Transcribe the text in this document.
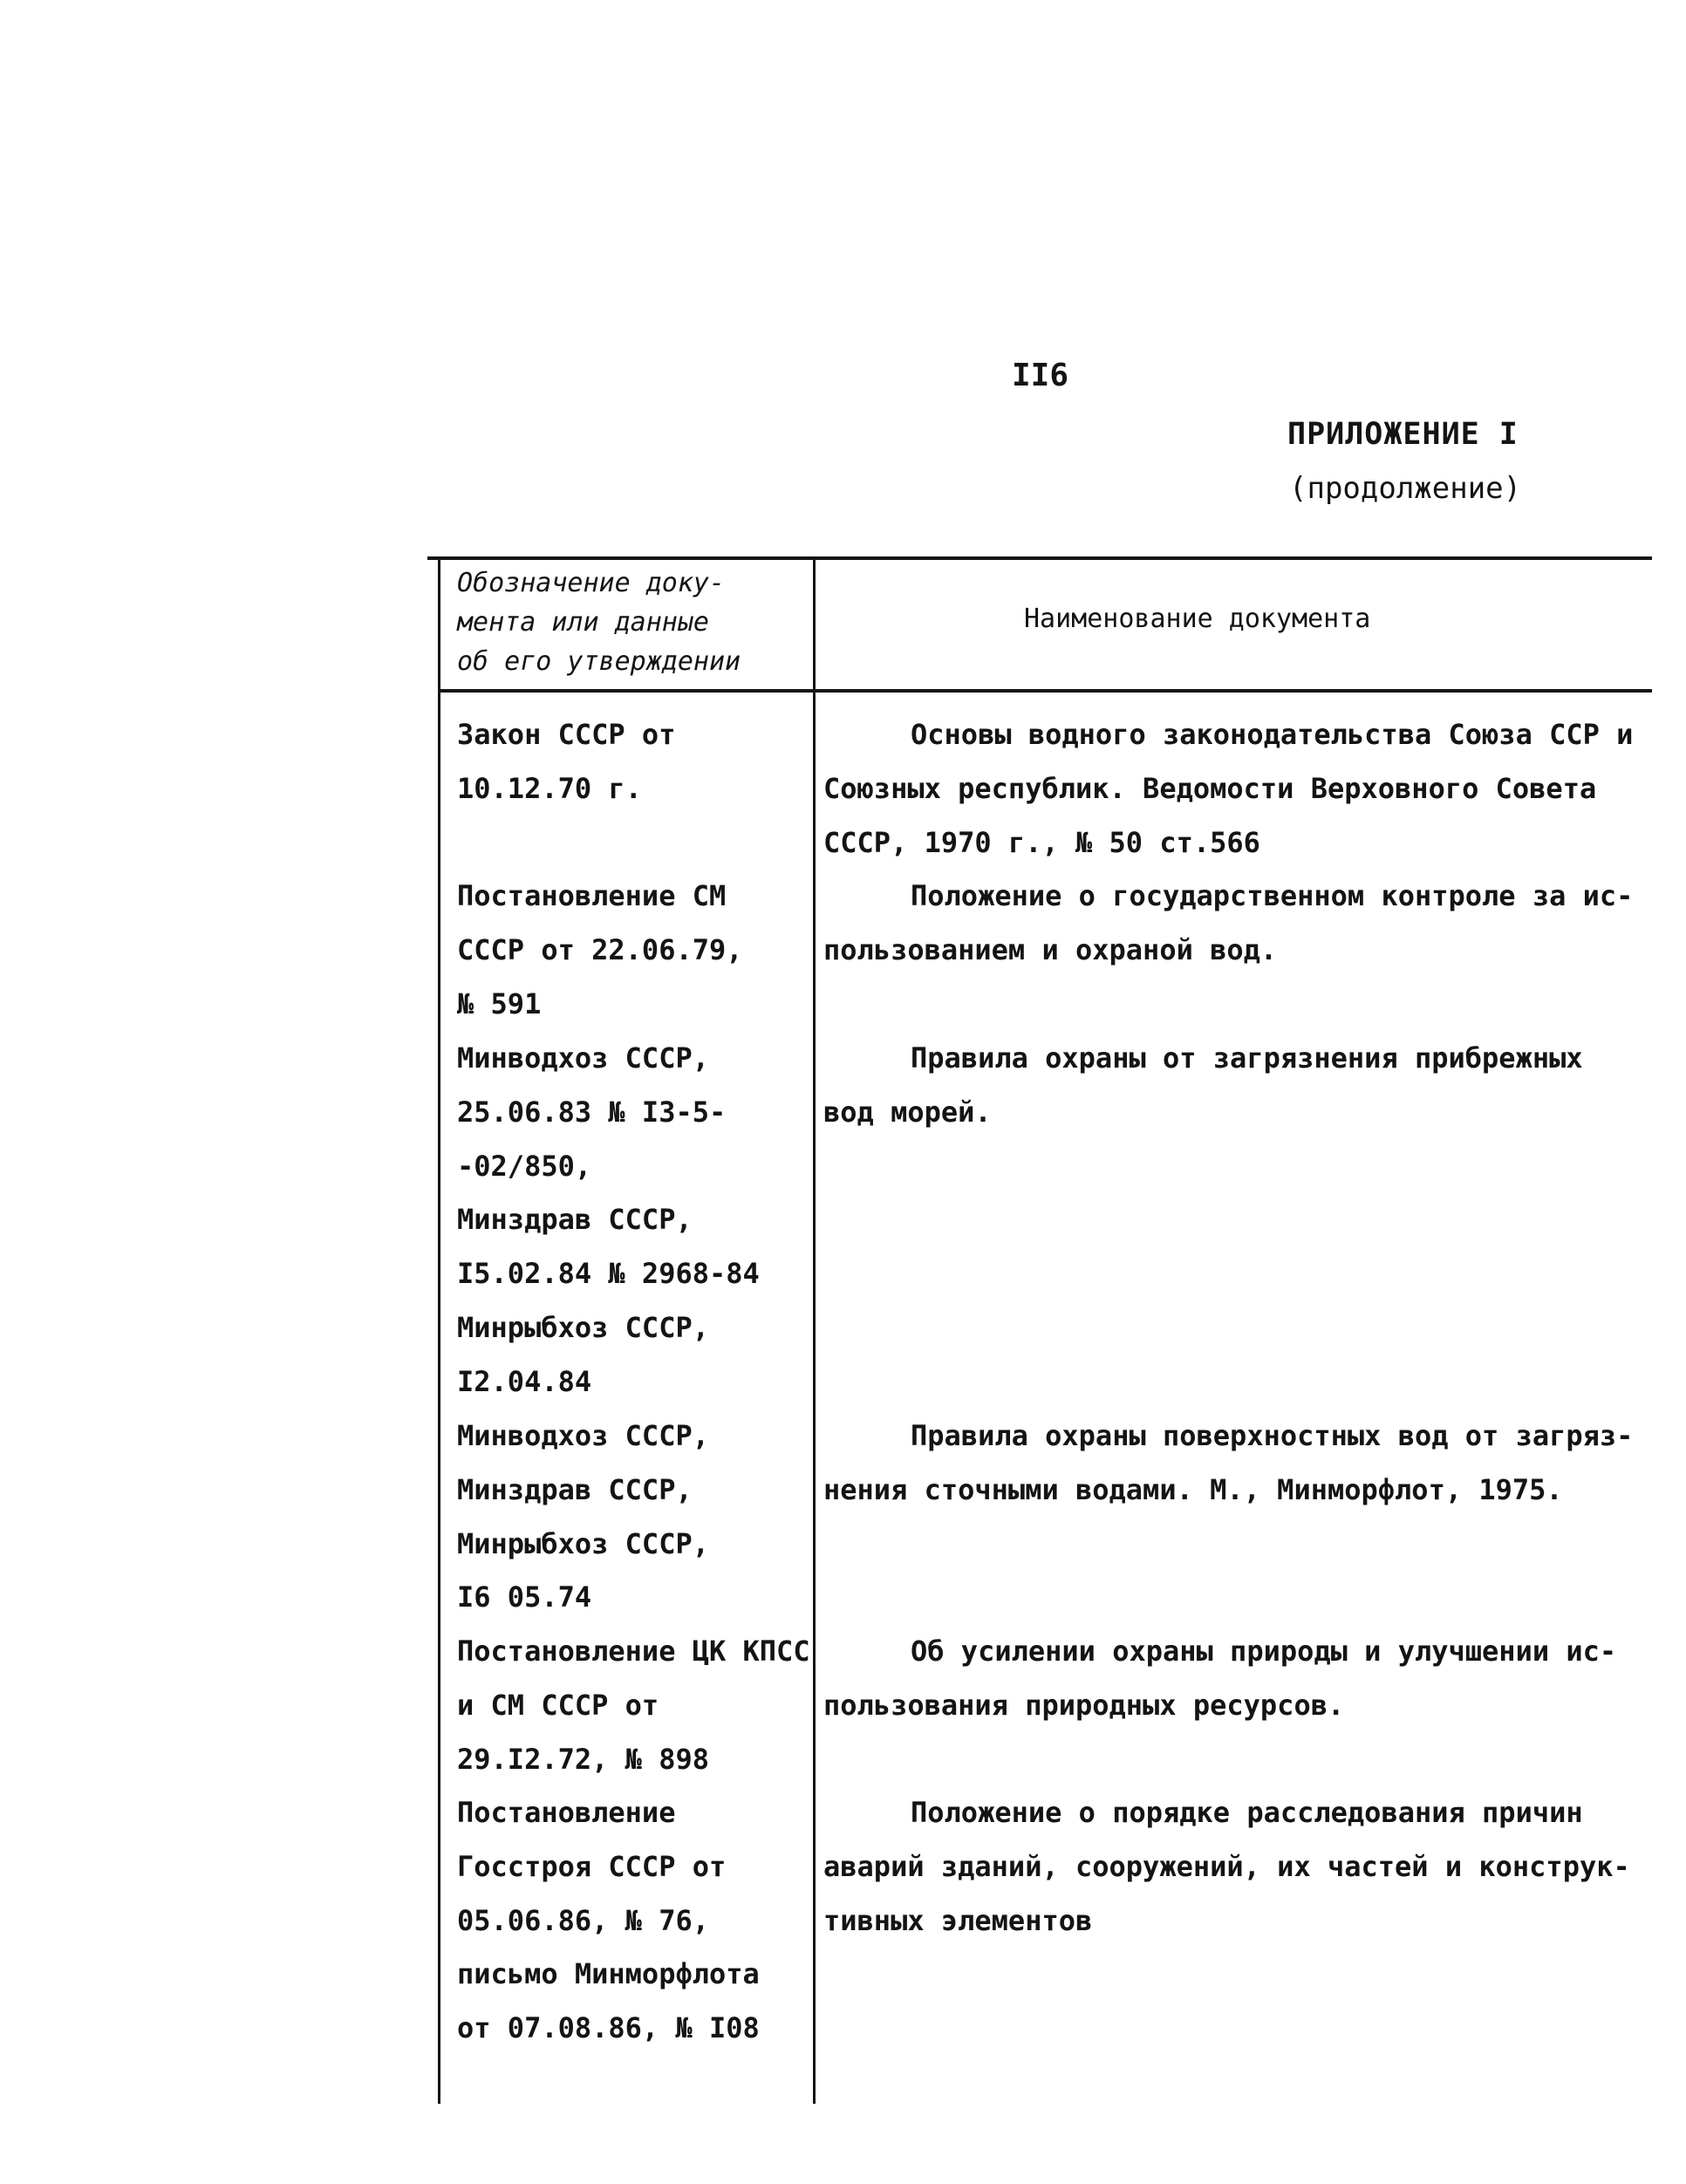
II6
ПРИЛОЖЕНИЕ I
(продолжение)
Обозначение доку-
мента или данные
об его утверждении
Наименование документа
Закон СССР от
10.12.70 г.
Основы водного законодательства Союза ССР и
Союзных республик. Ведомости Верховного Совета
СССР, 1970 г., № 50 ст.566
Постановление СМ
СССР от 22.06.79,
№ 591
Положение о государственном контроле за ис-
пользованием и охраной вод.
Минводхоз СССР,
25.06.83 № I3-5-
-02/850,
Минздрав СССР,
I5.02.84 № 2968-84
Минрыбхоз СССР,
I2.04.84
Правила охраны от загрязнения прибрежных
вод морей.
Минводхоз СССР,
Минздрав СССР,
Минрыбхоз СССР,
I6 05.74
Правила охраны поверхностных вод от загряз-
нения сточными водами. М., Минморфлот, 1975.
Постановление ЦК КПСС
и СМ СССР от
29.I2.72, № 898
Об усилении охраны природы и улучшении ис-
пользования природных ресурсов.
Постановление
Госстроя СССР от
05.06.86, № 76,
письмо Минморфлота
от 07.08.86, № I08
Положение о порядке расследования причин
аварий зданий, сооружений, их частей и конструк-
тивных элементов
